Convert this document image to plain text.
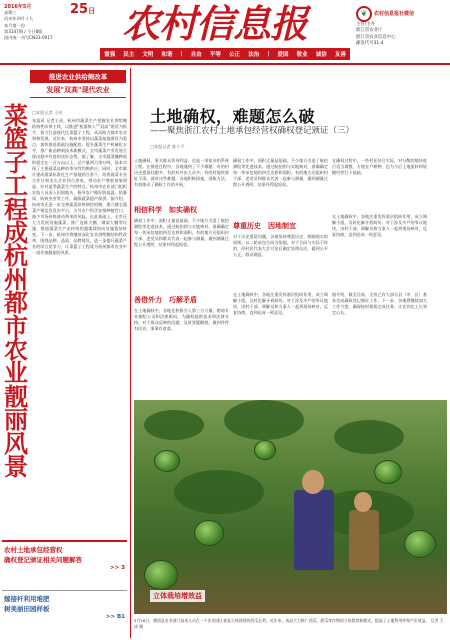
2016年5月
星期三
丙申年四月十九
本月第一份
第3147期 / 今日8版
国内统一刊号CN33-0017
25日 农村信息报	❦	农村信息报社微信
主管/主办
浙江省农业厅
浙江省农业信息中心
邮发代号31-4
富强 民主 文明 和谐 | 自由 平等 公正 法治 | 爱国 敬业 诚信 友善
推进农业供给侧改革
发展"双高"现代农业
菜篮子工程成杭州都市农业靓丽风景
□本报记者 王成
本报讯 记者王成，杭州市蔬菜生产把握农业供给侧结构性改革主线，以推进“机器换人”“双高”建设为抓手，着力打造现代化菜篮子工程，从而助力都市农业和谐发展。近年来，杭州市坚持以蔬菜基地建设为重点，加快推进基础设施配套，提升蔬菜生产机械化水平，推广新品种新技术新模式，全市蔬菜产业发展呈现出稳中有进的良好态势。据了解，全市蔬菜播种面积稳定在一百万亩以上，总产量两百余万吨，基本实现了主要蔬菜品种的季节性均衡供应。同时，全市累计建成蔬菜标准化生产基地两百余个，培育蔬菜专业合作社和龙头企业四百余家，带动农户增收效果明显。针对夏季蔬菜生产的特点，杭州市农业部门组织农技人员深入田间地头，指导农户做好防高温、防暴雨、防病虫害等工作，确保蔬菜稳产保供。据介绍，杭州市还进一步完善蔬菜价格调控机制，建立健全蔬菜产销信息发布平台，引导农户科学安排种植茬口，减少市场价格波动带来的风险。在此基础上，全市还大力发展设施蔬菜，推广连栋大棚、钢架大棚等设施，推进蔬菜生产由传统的露地栽培向设施栽培转变。下一步，杭州市将继续深化农业供给侧结构性改革，围绕品种、品质、品牌建设，进一步提升蔬菜产业的综合竞争力，让菜篮子工程成为杭州都市农业中一道更加靓丽的风景。
农村土地承包经营权
确权登记颁证相关问题解答
>> 3
嫁接杆利用堆肥
树美丽田园样板
>> B1
土地确权，难题怎么破
——聚焦浙江农村土地承包经营权确权登记颁证（三）
□本报记者 陈小平
土地确权，事关群众切身利益，也是一项复杂的系统工程。在推进过程中，各地遇到了不少难题：有的村历史遗留问题多，有的村外出人员多，有的村地块界址不清。面对这些难题，各地积极探索，创新方法，有效推动了确权工作的开展。
相信科学　如实确权
确权工作中，面积丈量是基础。不少地方引进了航拍测绘等先进技术，通过航拍图与实地核对，准确确定每一块承包地的四至边界和面积。有的地方还组织村干部、老党员和群众代表一起参与测量，做到测量过程公开透明，结果经得起检验。
确权工作中，面积丈量是基础。不少地方引进了航拍测绘等先进技术，通过航拍图与实地核对，准确确定每一块承包地的四至边界和面积。有的地方还组织村干部、老党员和群众代表一起参与测量，做到测量过程公开透明，结果经得起检验。
尊重历史　因地制宜
对于历史遗留问题，各地坚持尊重历史、照顾现实的原则。以二轮承包合同为依据，对于合同与实际不符的，经村民代表大会讨论后确定处理办法，做到公平公正，群众满意。
在确权过程中，一些村还结合实际，对分散的地块进行适当调整，方便农户耕种，也为今后土地流转和规模经营打下基础。
在土地确权中，各地注重发挥基层组织作用，成立调解小组，及时化解矛盾纠纷。对于涉及多户的争议地块，由村干部、调解员和当事人一起到现场核对，反复协商，直到达成一致意见。
善借外力　巧解矛盾
在土地确权中，各地还积极引入第三方力量，聘请专业测绘公司和法律顾问，为确权提供技术和法律支持。对于群众反映的问题，及时答疑解惑，做到件件有回音、事事有着落。
在土地确权中，各地注重发挥基层组织作用，成立调解小组，及时化解矛盾纠纷。对于涉及多户的争议地块，由村干部、调解员和当事人一起到现场核对，反复协商，直到达成一致意见。
据介绍，截至目前，全省已有大部分县（市、区）基本完成确权登记颁证工作。下一步，各地将继续加大工作力度，确保按时保质完成任务，让农民吃上长效定心丸。
立体栽培增效益
5月16日，德清县农业部门技术人员在一个农业园区查看立体栽培的西瓜长势。近年来，该县大力推广西瓜、甜瓜等作物的立体栽培新模式，提高了土地利用率和产出效益。 记者 王成 摄
